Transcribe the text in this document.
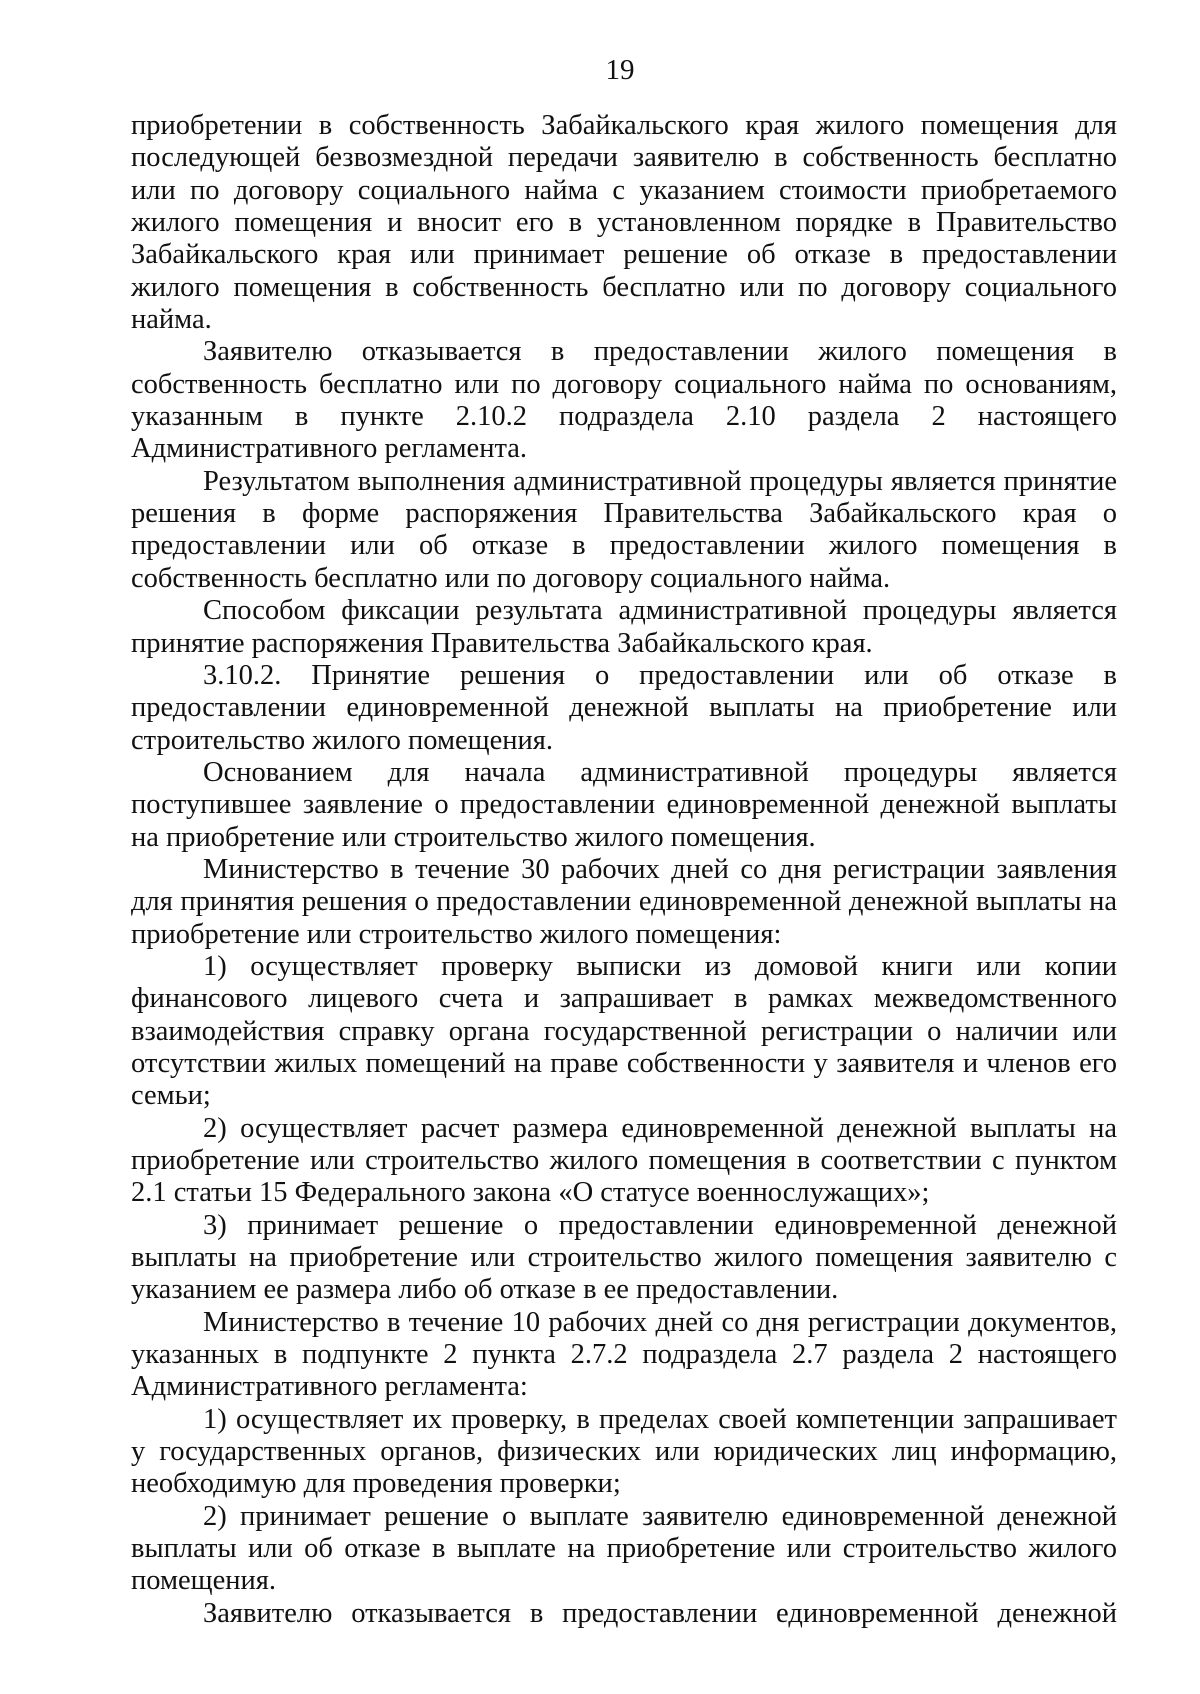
19

приобретении в собственность Забайкальского края жилого помещения для последующей безвозмездной передачи заявителю в собственность бесплатно или по договору социального найма с указанием стоимости приобретаемого жилого помещения и вносит его в установленном порядке в Правительство Забайкальского края или принимает решение об отказе в предоставлении жилого помещения в собственность бесплатно или по договору социального найма.

Заявителю отказывается в предоставлении жилого помещения в собственность бесплатно или по договору социального найма по основаниям, указанным в пункте 2.10.2 подраздела 2.10 раздела 2 настоящего Административного регламента.

Результатом выполнения административной процедуры является принятие решения в форме распоряжения Правительства Забайкальского края о предоставлении или об отказе в предоставлении жилого помещения в собственность бесплатно или по договору социального найма.

Способом фиксации результата административной процедуры является принятие распоряжения Правительства Забайкальского края.

3.10.2. Принятие решения о предоставлении или об отказе в предоставлении единовременной денежной выплаты на приобретение или строительство жилого помещения.

Основанием для начала административной процедуры является поступившее заявление о предоставлении единовременной денежной выплаты на приобретение или строительство жилого помещения.

Министерство в течение 30 рабочих дней со дня регистрации заявления для принятия решения о предоставлении единовременной денежной выплаты на приобретение или строительство жилого помещения:

1) осуществляет проверку выписки из домовой книги или копии финансового лицевого счета и запрашивает в рамках межведомственного взаимодействия справку органа государственной регистрации о наличии или отсутствии жилых помещений на праве собственности у заявителя и членов его семьи;

2) осуществляет расчет размера единовременной денежной выплаты на приобретение или строительство жилого помещения в соответствии с пунктом 2.1 статьи 15 Федерального закона «О статусе военнослужащих»;

3) принимает решение о предоставлении единовременной денежной выплаты на приобретение или строительство жилого помещения заявителю с указанием ее размера либо об отказе в ее предоставлении.

Министерство в течение 10 рабочих дней со дня регистрации документов, указанных в подпункте 2 пункта 2.7.2 подраздела 2.7 раздела 2 настоящего Административного регламента:

1) осуществляет их проверку, в пределах своей компетенции запрашивает у государственных органов, физических или юридических лиц информацию, необходимую для проведения проверки;

2) принимает решение о выплате заявителю единовременной денежной выплаты или об отказе в выплате на приобретение или строительство жилого помещения.

Заявителю отказывается в предоставлении единовременной денежной
